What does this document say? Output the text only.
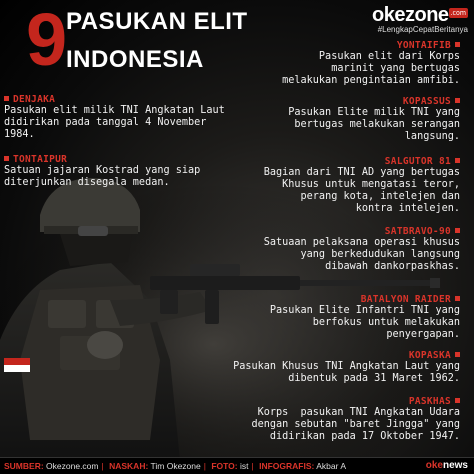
9 PASUKAN ELIT
INDONESIA
okezone $^{.com}$
#LengkapCepatBeritanya
DENJAKA
Pasukan elit milik TNI Angkatan Laut
didirikan pada tanggal 4 November
1984.
TONTAIPUR
Satuan jajaran Kostrad yang siap
diterjunkan disegala medan.
YONTAIFIB
Pasukan elit dari Korps
marinit yang bertugas
melakukan pengintaian amfibi.
KOPASSUS
Pasukan Elite milik TNI yang
bertugas melakukan serangan
langsung.
SALGUTOR 81
Bagian dari TNI AD yang bertugas
Khusus untuk mengatasi teror,
perang kota, intelejen dan
kontra intelejen.
SATBRAVO-90
Satuaan pelaksana operasi khusus
yang berkedudukan langsung
dibawah dankorpaskhas.
BATALYON RAIDER
Pasukan Elite Infantri TNI yang
berfokus untuk melakukan
penyergapan.
KOPASKA
Pasukan Khusus TNI Angkatan Laut yang
dibentuk pada 31 Maret 1962.
PASKHAS
Korps  pasukan TNI Angkatan Udara
dengan sebutan "baret Jingga" yang
didirikan pada 17 Oktober 1947.
SUMBER: Okezone.com | NASKAH: Tim Okezone | FOTO: ist | INFOGRAFIS: Akbar A	okenews
